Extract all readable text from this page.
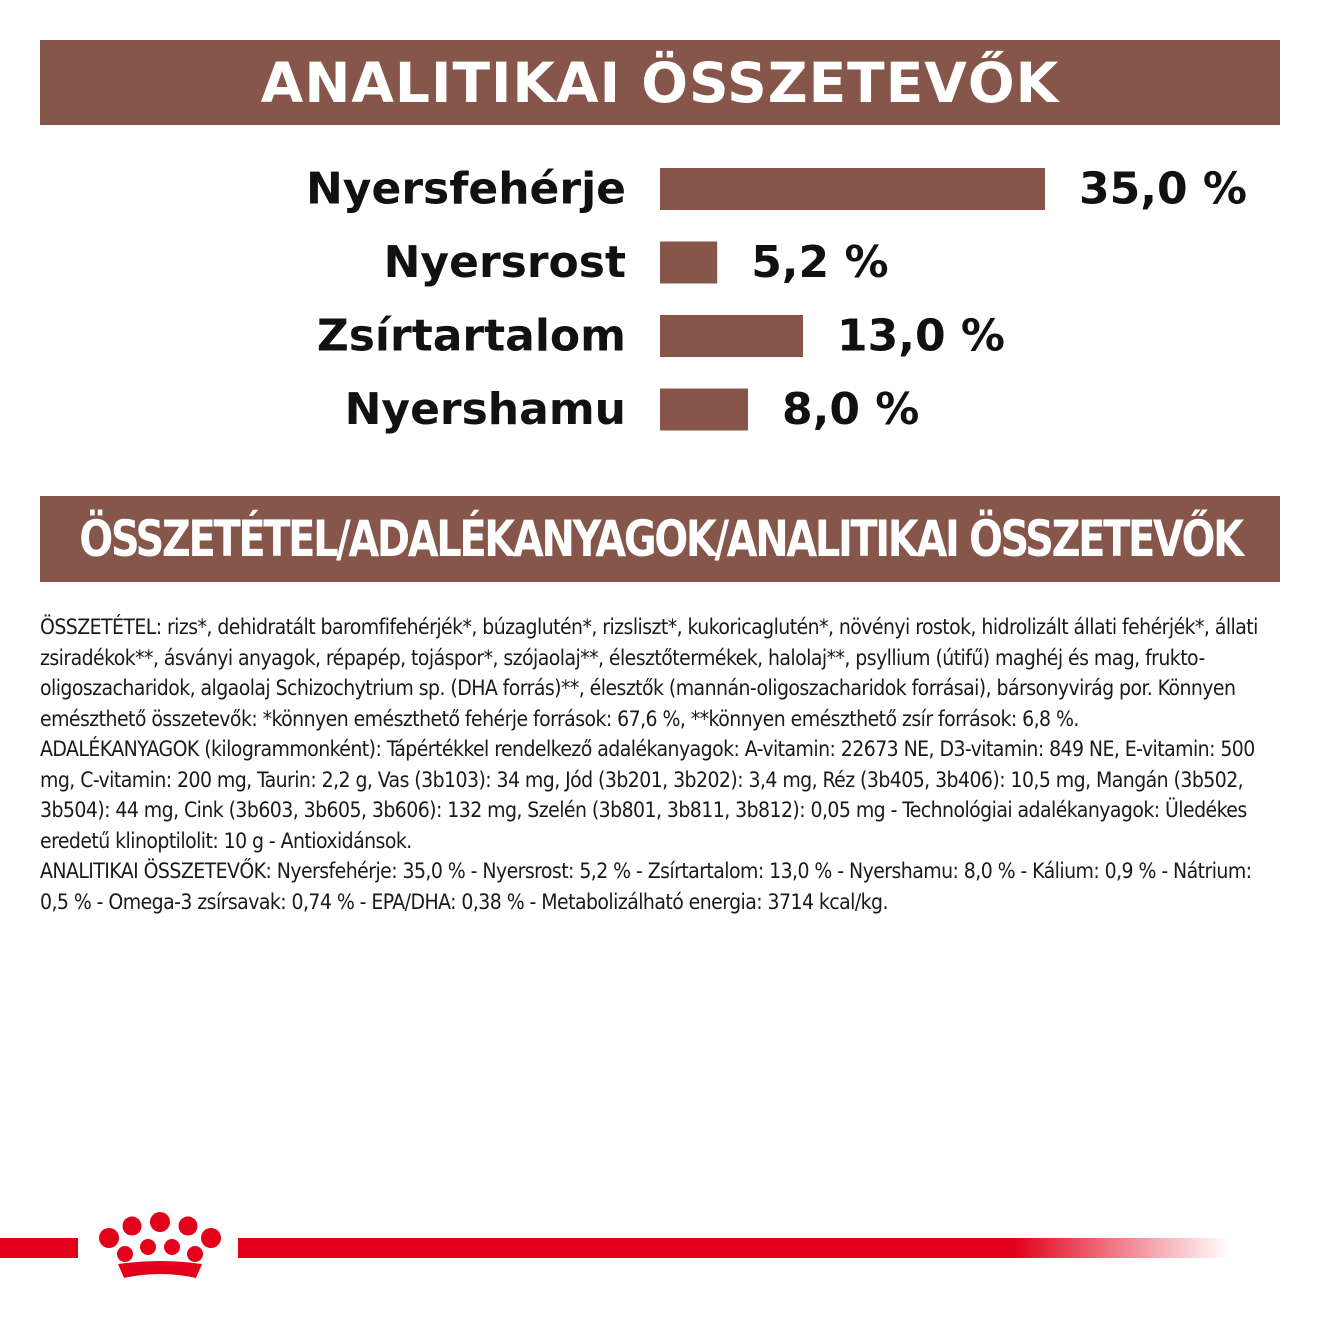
ANALITIKAI ÖSSZETEVŐK
Nyersfehérje	35,0 %
Nyersrost	5,2 %
Zsírtartalom	13,0 %
Nyershamu	8,0 %
ÖSSZETÉTEL/ADALÉKANYAGOK/ANALITIKAI ÖSSZETEVŐK

ÖSSZETÉTEL: rizs*, dehidratált baromfifehérjék*, búzaglutén*, rizsliszt*, kukoricaglutén*, növényi rostok, hidrolizált állati fehérjék*, állati zsiradékok**, ásványi anyagok, répapép, tojáspor*, szójaolaj**, élesztőtermékek, halolaj**, psyllium (útifű) maghéj és mag, frukto-oligoszacharidok, algaolaj Schizochytrium sp. (DHA forrás)**, élesztők (mannán-oligoszacharidok forrásai), bársonyvirág por. Könnyen emészthető összetevők: *könnyen emészthető fehérje források: 67,6 %, **könnyen emészthető zsír források: 6,8 %.

ADALÉKANYAGOK (kilogrammonként): Tápértékkel rendelkező adalékanyagok: A-vitamin: 22673 NE, D3-vitamin: 849 NE, E-vitamin: 500 mg, C-vitamin: 200 mg, Taurin: 2,2 g, Vas (3b103): 34 mg, Jód (3b201, 3b202): 3,4 mg, Réz (3b405, 3b406): 10,5 mg, Mangán (3b502, 3b504): 44 mg, Cink (3b603, 3b605, 3b606): 132 mg, Szelén (3b801, 3b811, 3b812): 0,05 mg - Technológiai adalékanyagok: Üledékes eredetű klinoptilolit: 10 g - Antioxidánsok.

ANALITIKAI ÖSSZETEVŐK: Nyersfehérje: 35,0 % - Nyersrost: 5,2 % - Zsírtartalom: 13,0 % - Nyershamu: 8,0 % - Kálium: 0,9 % - Nátrium: 0,5 % - Omega-3 zsírsavak: 0,74 % - EPA/DHA: 0,38 % - Metabolizálható energia: 3714 kcal/kg.
